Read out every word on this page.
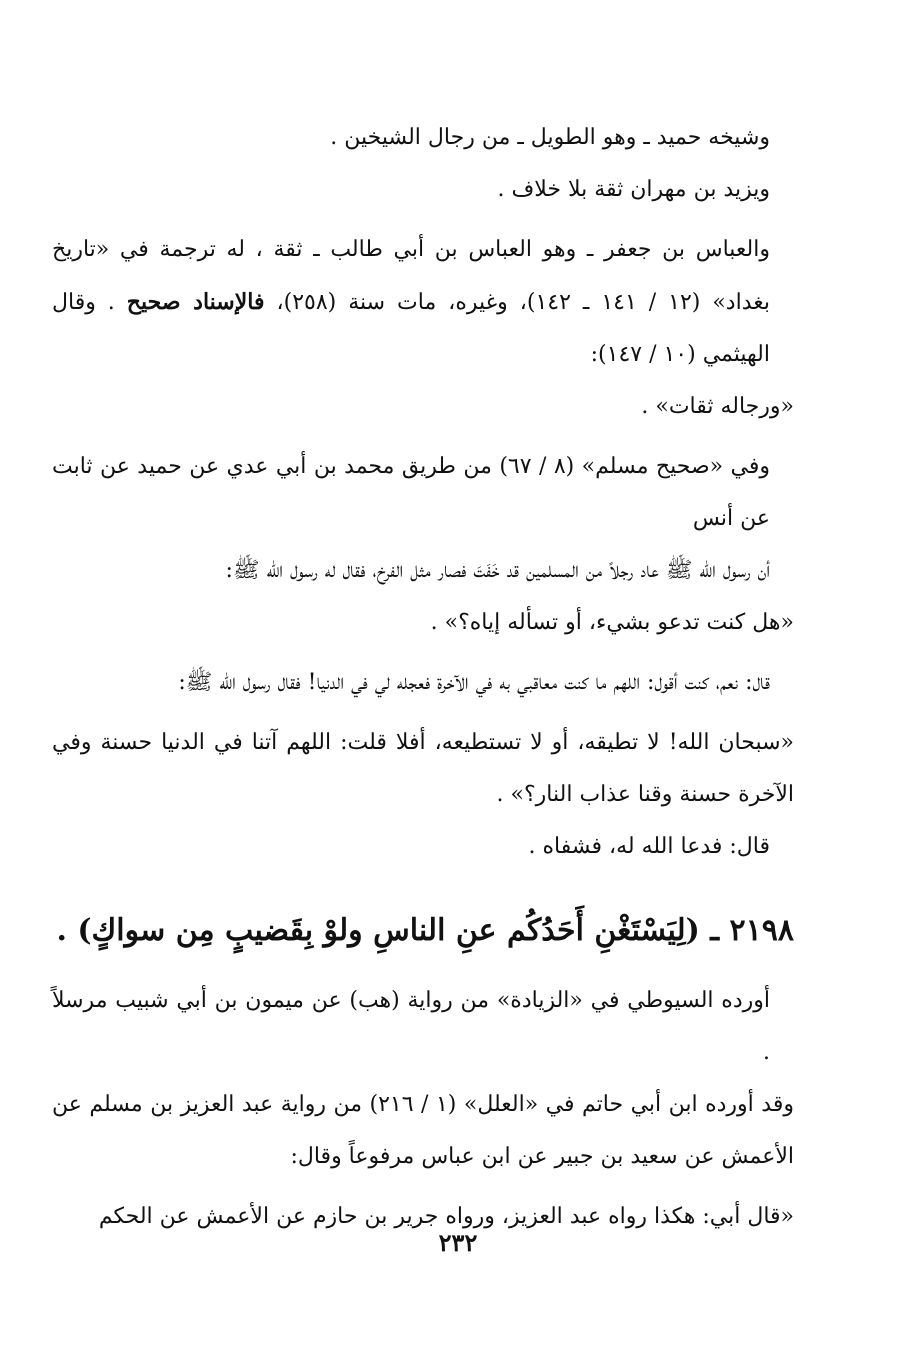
وشيخه حميد ـ وهو الطويل ـ من رجال الشيخين .

ويزيد بن مهران ثقة بلا خلاف .

والعباس بن جعفر ـ وهو العباس بن أبي طالب ـ ثقة ، له ترجمة في «تاريخ بغداد» (١٢ / ١٤١ ـ ١٤٢)، وغيره، مات سنة (٢٥٨)، فالإسناد صحيح . وقال الهيثمي (١٠ / ١٤٧):

«ورجاله ثقات» .

وفي «صحيح مسلم» (٨ / ٦٧) من طريق محمد بن أبي عدي عن حميد عن ثابت عن أنس

أن رسول الله ﷺ عاد رجلاً من المسلمين قد خَفَتَ فصار مثل الفرخ، فقال له رسول الله ﷺ:

«هل كنت تدعو بشيء، أو تسأله إياه؟» .

قال: نعم، كنت أقول: اللهم ما كنت معاقبي به في الآخرة فعجله لي في الدنيا! فقال رسول الله ﷺ:

«سبحان الله! لا تطيقه، أو لا تستطيعه، أفلا قلت: اللهم آتنا في الدنيا حسنة وفي الآخرة حسنة وقنا عذاب النار؟» .

قال: فدعا الله له، فشفاه .

٢١٩٨ ـ (لِيَسْتَغْنِ أَحَدُكُم عنِ الناسِ ولوْ بِقَضيبٍ مِن سواكٍ) .

أورده السيوطي في «الزيادة» من رواية (هب) عن ميمون بن أبي شبيب مرسلاً .

وقد أورده ابن أبي حاتم في «العلل» (١ / ٢١٦) من رواية عبد العزيز بن مسلم عن الأعمش عن سعيد بن جبير عن ابن عباس مرفوعاً وقال:

«قال أبي: هكذا رواه عبد العزيز، ورواه جرير بن حازم عن الأعمش عن الحكم

٢٣٢
